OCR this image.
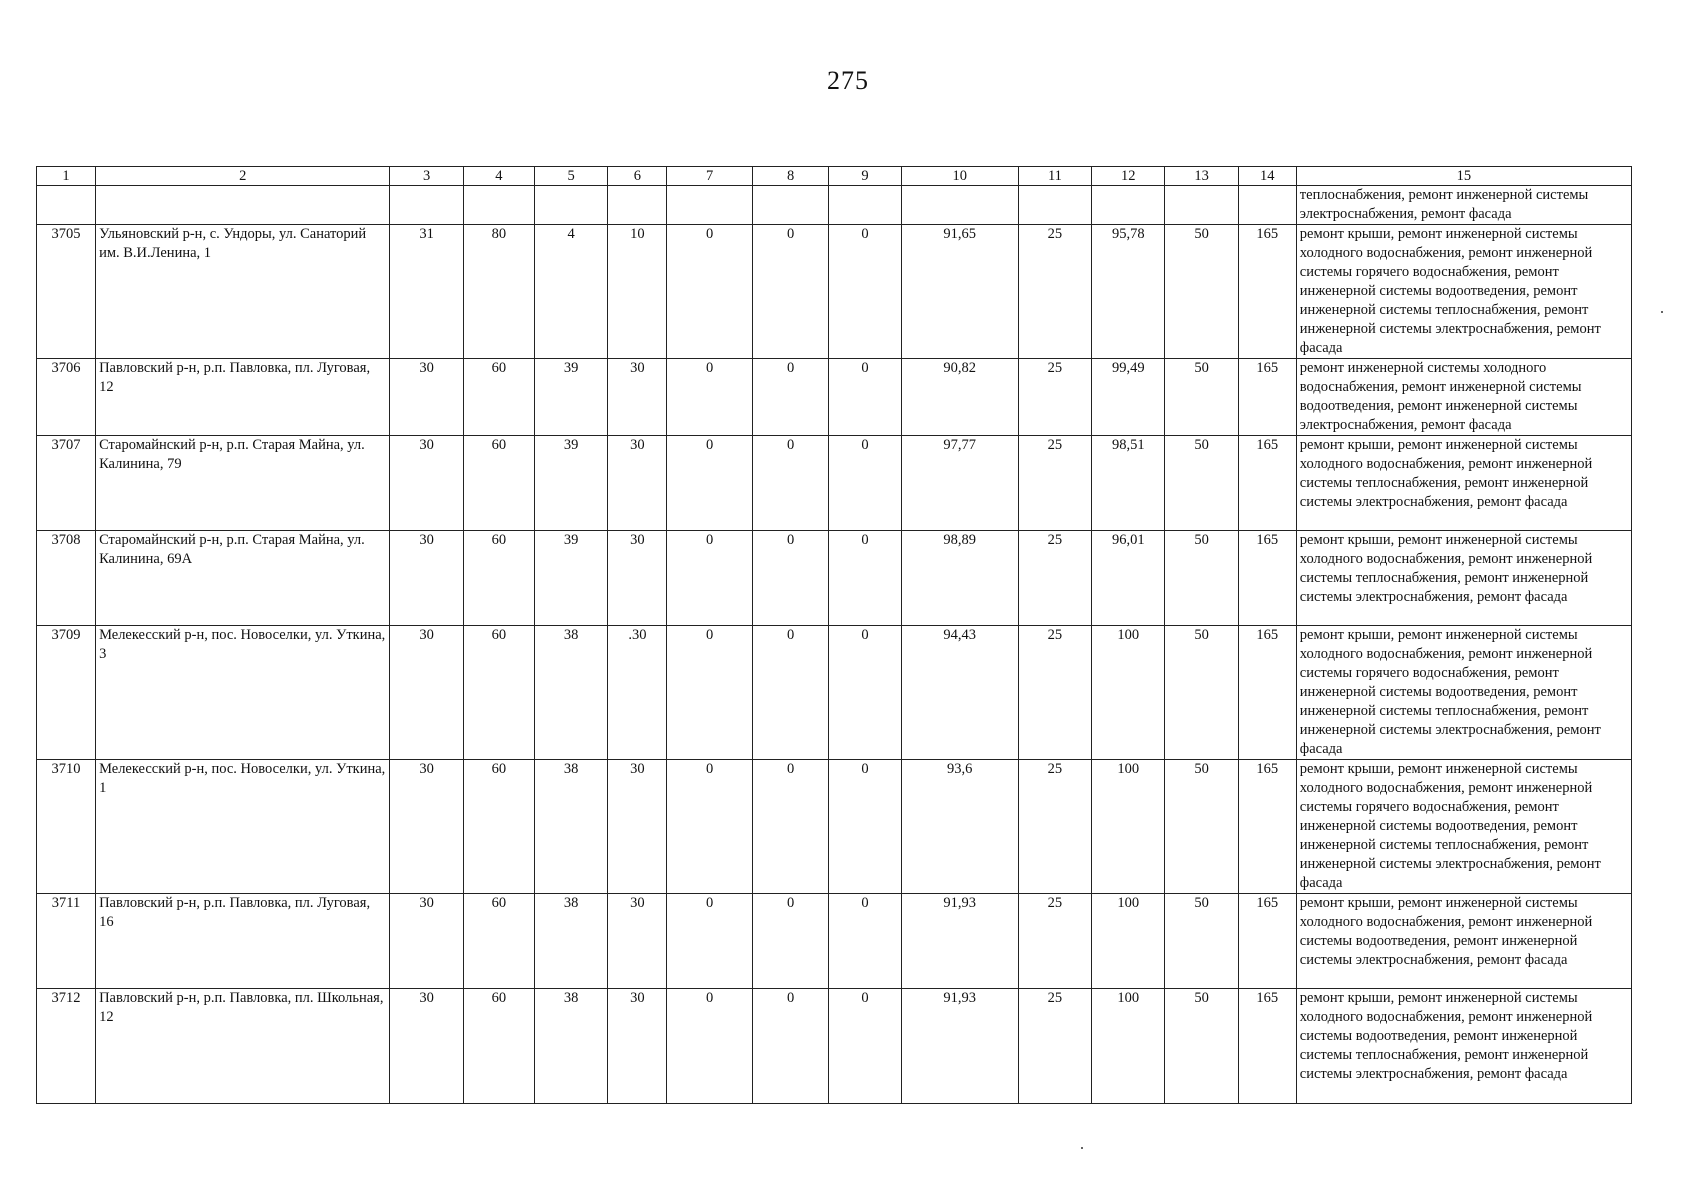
275
1	2	3	4	5	6	7	8	9	10	11	12	13	14	15
														теплоснабжения, ремонт инженерной системы электроснабжения, ремонт фасада
3705	Ульяновский р-н, с. Ундоры, ул. Санаторий им. В.И.Ленина, 1	31	80	4	10	0	0	0	91,65	25	95,78	50	165	ремонт крыши, ремонт инженерной системы холодного водоснабжения, ремонт инженерной системы горячего водоснабжения, ремонт инженерной системы водоотведения, ремонт инженерной системы теплоснабжения, ремонт инженерной системы электроснабжения, ремонт фасада
3706	Павловский р-н, р.п. Павловка, пл. Луговая, 12	30	60	39	30	0	0	0	90,82	25	99,49	50	165	ремонт инженерной системы холодного водоснабжения, ремонт инженерной системы водоотведения, ремонт инженерной системы электроснабжения, ремонт фасада
3707	Старомайнский р-н, р.п. Старая Майна, ул. Калинина, 79	30	60	39	30	0	0	0	97,77	25	98,51	50	165	ремонт крыши, ремонт инженерной системы холодного водоснабжения, ремонт инженерной системы теплоснабжения, ремонт инженерной системы электроснабжения, ремонт фасада
3708	Старомайнский р-н, р.п. Старая Майна, ул. Калинина, 69А	30	60	39	30	0	0	0	98,89	25	96,01	50	165	ремонт крыши, ремонт инженерной системы холодного водоснабжения, ремонт инженерной системы теплоснабжения, ремонт инженерной системы электроснабжения, ремонт фасада
3709	Мелекесский р-н, пос. Новоселки, ул. Уткина, 3	30	60	38	.30	0	0	0	94,43	25	100	50	165	ремонт крыши, ремонт инженерной системы холодного водоснабжения, ремонт инженерной системы горячего водоснабжения, ремонт инженерной системы водоотведения, ремонт инженерной системы теплоснабжения, ремонт инженерной системы электроснабжения, ремонт фасада
3710	Мелекесский р-н, пос. Новоселки, ул. Уткина, 1	30	60	38	30	0	0	0	93,6	25	100	50	165	ремонт крыши, ремонт инженерной системы холодного водоснабжения, ремонт инженерной системы горячего водоснабжения, ремонт инженерной системы водоотведения, ремонт инженерной системы теплоснабжения, ремонт инженерной системы электроснабжения, ремонт фасада
3711	Павловский р-н, р.п. Павловка, пл. Луговая, 16	30	60	38	30	0	0	0	91,93	25	100	50	165	ремонт крыши, ремонт инженерной системы холодного водоснабжения, ремонт инженерной системы водоотведения, ремонт инженерной системы электроснабжения, ремонт фасада
3712	Павловский р-н, р.п. Павловка, пл. Школьная, 12	30	60	38	30	0	0	0	91,93	25	100	50	165	ремонт крыши, ремонт инженерной системы холодного водоснабжения, ремонт инженерной системы водоотведения, ремонт инженерной системы теплоснабжения, ремонт инженерной системы электроснабжения, ремонт фасада
